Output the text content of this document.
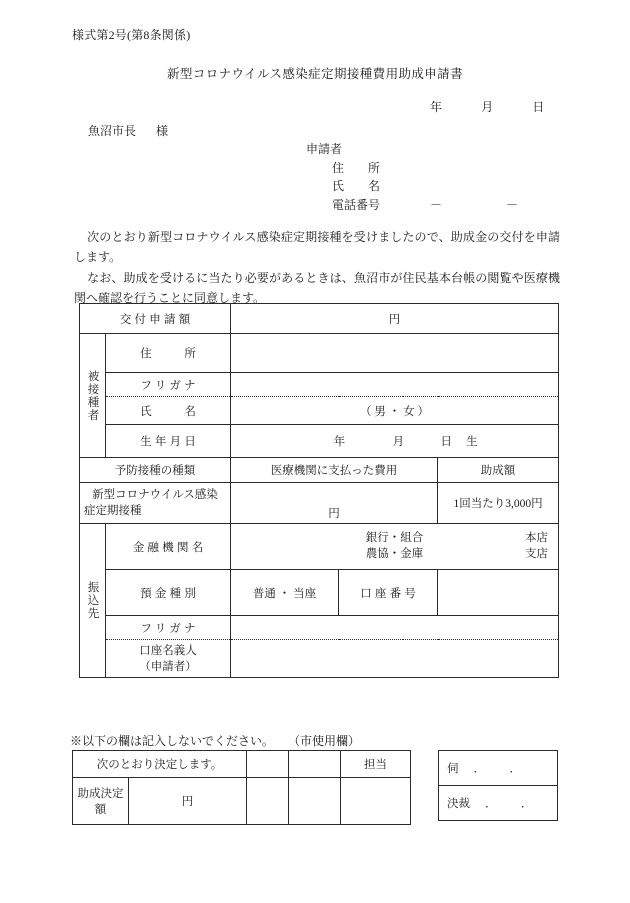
様式第2号(第8条関係)
新型コロナウイルス感染症定期接種費用助成申請書
年	月	日
魚沼市長 様
申請者
住　　所
氏　　名
電話番号	－	－
次のとおり新型コロナウイルス感染症定期接種を受けましたので、助成金の交付を申請します。
なお、助成を受けるに当たり必要があるときは、魚沼市が住民基本台帳の閲覧や医療機関へ確認を行うことに同意します。
交付申請額		円		

被接種者	住　　所			
	フリガナ			
	氏　　名	（ 男 ・ 女 ）		
	生年月日	年 月 日 生		
予防接種の種類		医療機関に支払った費用		助成額

新型コロナウイルス感染
症定期接種		円		1回当たり3,000円

振込先	金融機関名	銀行・組合
農協・金庫
本店
支店		

	預金種別	普通 ・ 当座	口座番号	
	フリガナ			

	口座名義人
（申請者）			

※以下の欄は記入しないでください。 （市使用欄）
次のとおり決定します。				担当
助成決定額	円			
伺 ． ．
決裁 ． ．
